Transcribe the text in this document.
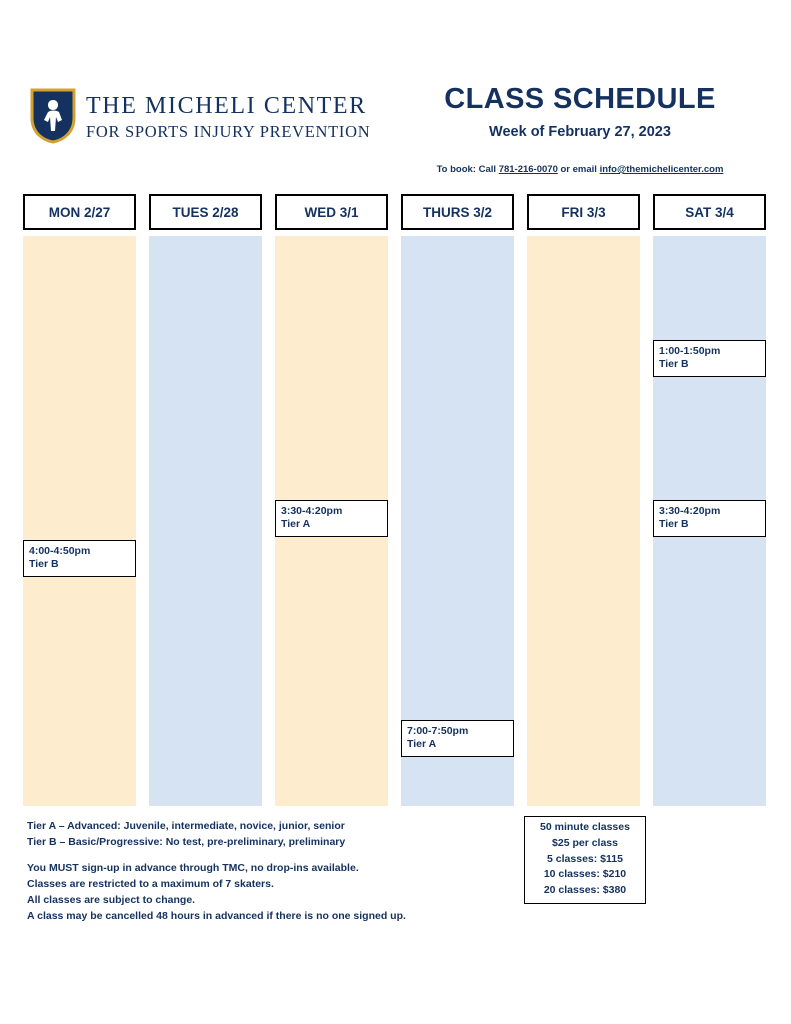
THE MICHELI CENTER
FOR SPORTS INJURY PREVENTION
CLASS SCHEDULE
Week of February 27, 2023
To book: Call 781-216-0070 or email info@themichelicenter.com
MON 2/27
4:00-4:50pm
Tier B
TUES 2/28	WED 3/1
3:30-4:20pm
Tier A
THURS 3/2
7:00-7:50pm
Tier A
FRI 3/3	SAT 3/4
1:00-1:50pm
Tier B
3:30-4:20pm
Tier B
Tier A – Advanced: Juvenile, intermediate, novice, junior, senior
Tier B – Basic/Progressive: No test, pre-preliminary, preliminary
You MUST sign-up in advance through TMC, no drop-ins available.
Classes are restricted to a maximum of 7 skaters.
All classes are subject to change.
A class may be cancelled 48 hours in advanced if there is no one signed up.
50 minute classes
$25 per class
5 classes: $115
10 classes: $210
20 classes: $380
